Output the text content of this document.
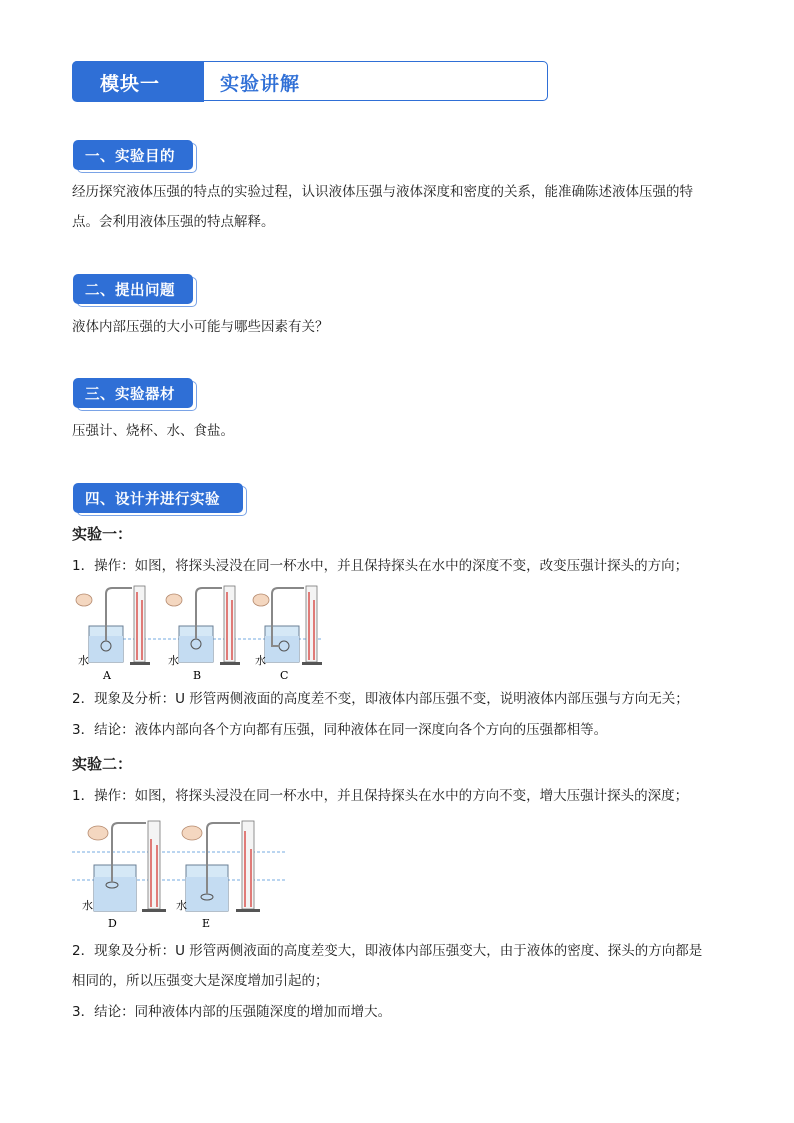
模块一	实验讲解
一、实验目的
经历探究液体压强的特点的实验过程，认识液体压强与液体深度和密度的关系，能准确陈述液体压强的特
点。会利用液体压强的特点解释。
二、提出问题
液体内部压强的大小可能与哪些因素有关？
三、实验器材
压强计、烧杯、水、食盐。
四、设计并进行实验
实验一：
1．操作：如图，将探头浸没在同一杯水中，并且保持探头在水中的深度不变，改变压强计探头的方向；
水	水	水
A	B	C
2．现象及分析：U 形管两侧液面的高度差不变，即液体内部压强不变，说明液体内部压强与方向无关；
3．结论：液体内部向各个方向都有压强，同种液体在同一深度向各个方向的压强都相等。
实验二：
1．操作：如图，将探头浸没在同一杯水中，并且保持探头在水中的方向不变，增大压强计探头的深度；
水	水
D	E
2．现象及分析：U 形管两侧液面的高度差变大，即液体内部压强变大，由于液体的密度、探头的方向都是
相同的，所以压强变大是深度增加引起的；
3．结论：同种液体内部的压强随深度的增加而增大。
